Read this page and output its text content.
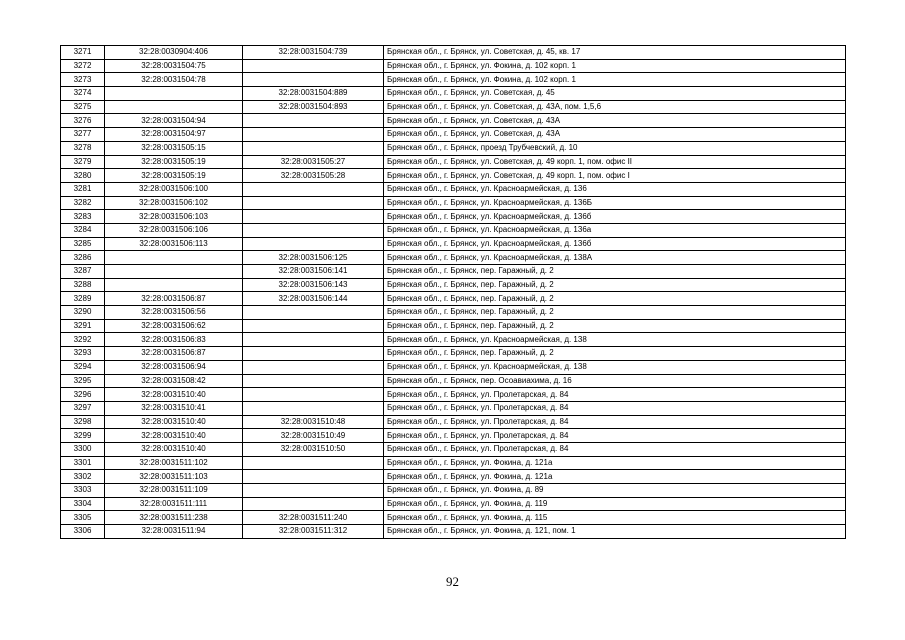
3271	32:28:0030904:406	32:28:0031504:739	Брянская обл., г. Брянск, ул. Советская, д. 45, кв. 17
3272	32:28:0031504:75		Брянская обл., г. Брянск, ул. Фокина, д. 102 корп. 1
3273	32:28:0031504:78		Брянская обл., г. Брянск, ул. Фокина, д. 102 корп. 1
3274		32:28:0031504:889	Брянская обл., г. Брянск, ул. Советская, д. 45
3275		32:28:0031504:893	Брянская обл., г. Брянск, ул. Советская, д. 43А, пом. 1,5,6
3276	32:28:0031504:94		Брянская обл., г. Брянск, ул. Советская, д. 43А
3277	32:28:0031504:97		Брянская обл., г. Брянск, ул. Советская, д. 43А
3278	32:28:0031505:15		Брянская обл., г. Брянск, проезд Трубчевский, д. 10
3279	32:28:0031505:19	32:28:0031505:27	Брянская обл., г. Брянск, ул. Советская, д. 49 корп. 1, пом. офис II
3280	32:28:0031505:19	32:28:0031505:28	Брянская обл., г. Брянск, ул. Советская, д. 49 корп. 1, пом. офис I
3281	32:28:0031506:100		Брянская обл., г. Брянск, ул. Красноармейская, д. 136
3282	32:28:0031506:102		Брянская обл., г. Брянск, ул. Красноармейская, д. 136Б
3283	32:28:0031506:103		Брянская обл., г. Брянск, ул. Красноармейская, д. 136б
3284	32:28:0031506:106		Брянская обл., г. Брянск, ул. Красноармейская, д. 136а
3285	32:28:0031506:113		Брянская обл., г. Брянск, ул. Красноармейская, д. 136б
3286		32:28:0031506:125	Брянская обл., г. Брянск, ул. Красноармейская, д. 138А
3287		32:28:0031506:141	Брянская обл., г. Брянск, пер. Гаражный, д. 2
3288		32:28:0031506:143	Брянская обл., г. Брянск, пер. Гаражный, д. 2
3289	32:28:0031506:87	32:28:0031506:144	Брянская обл., г. Брянск, пер. Гаражный, д. 2
3290	32:28:0031506:56		Брянская обл., г. Брянск, пер. Гаражный, д. 2
3291	32:28:0031506:62		Брянская обл., г. Брянск, пер. Гаражный, д. 2
3292	32:28:0031506:83		Брянская обл., г. Брянск, ул. Красноармейская, д. 138
3293	32:28:0031506:87		Брянская обл., г. Брянск, пер. Гаражный, д. 2
3294	32:28:0031506:94		Брянская обл., г. Брянск, ул. Красноармейская, д. 138
3295	32:28:0031508:42		Брянская обл., г. Брянск, пер. Осоавиахима, д. 16
3296	32:28:0031510:40		Брянская обл., г. Брянск, ул. Пролетарская, д. 84
3297	32:28:0031510:41		Брянская обл., г. Брянск, ул. Пролетарская, д. 84
3298	32:28:0031510:40	32:28:0031510:48	Брянская обл., г. Брянск, ул. Пролетарская, д. 84
3299	32:28:0031510:40	32:28:0031510:49	Брянская обл., г. Брянск, ул. Пролетарская, д. 84
3300	32:28:0031510:40	32:28:0031510:50	Брянская обл., г. Брянск, ул. Пролетарская, д. 84
3301	32:28:0031511:102		Брянская обл., г. Брянск, ул. Фокина, д. 121а
3302	32:28:0031511:103		Брянская обл., г. Брянск, ул. Фокина, д. 121а
3303	32:28:0031511:109		Брянская обл., г. Брянск, ул. Фокина, д. 89
3304	32:28:0031511:111		Брянская обл., г. Брянск, ул. Фокина, д. 119
3305	32:28:0031511:238	32:28:0031511:240	Брянская обл., г. Брянск, ул. Фокина, д. 115
3306	32:28:0031511:94	32:28:0031511:312	Брянская обл., г. Брянск, ул. Фокина, д. 121, пом. 1
92
